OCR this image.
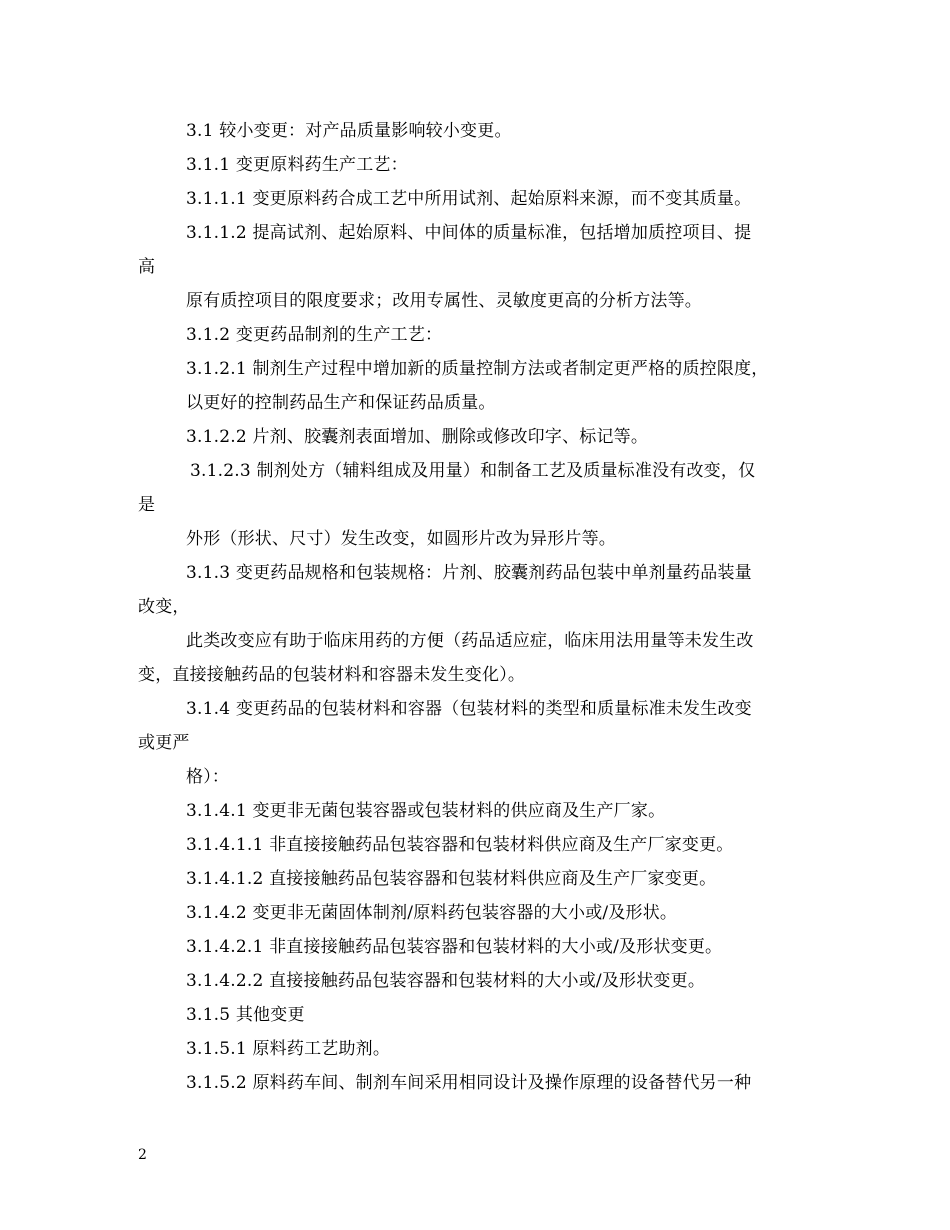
3.1 较小变更：对产品质量影响较小变更。
3.1.1 变更原料药生产工艺：
3.1.1.1 变更原料药合成工艺中所用试剂、起始原料来源，而不变其质量。
3.1.1.2 提高试剂、起始原料、中间体的质量标准，包括增加质控项目、提
高
原有质控项目的限度要求；改用专属性、灵敏度更高的分析方法等。
3.1.2 变更药品制剂的生产工艺：
3.1.2.1 制剂生产过程中增加新的质量控制方法或者制定更严格的质控限度，
以更好的控制药品生产和保证药品质量。
3.1.2.2 片剂、胶囊剂表面增加、删除或修改印字、标记等。
3.1.2.3 制剂处方（辅料组成及用量）和制备工艺及质量标准没有改变，仅
是
外形（形状、尺寸）发生改变，如圆形片改为异形片等。
3.1.3 变更药品规格和包装规格：片剂、胶囊剂药品包装中单剂量药品装量
改变，
此类改变应有助于临床用药的方便（药品适应症，临床用法用量等未发生改
变，直接接触药品的包装材料和容器未发生变化）。
3.1.4 变更药品的包装材料和容器（包装材料的类型和质量标准未发生改变
或更严
格）：
3.1.4.1 变更非无菌包装容器或包装材料的供应商及生产厂家。
3.1.4.1.1 非直接接触药品包装容器和包装材料供应商及生产厂家变更。
3.1.4.1.2 直接接触药品包装容器和包装材料供应商及生产厂家变更。
3.1.4.2 变更非无菌固体制剂/原料药包装容器的大小或/及形状。
3.1.4.2.1 非直接接触药品包装容器和包装材料的大小或/及形状变更。
3.1.4.2.2 直接接触药品包装容器和包装材料的大小或/及形状变更。
3.1.5 其他变更
3.1.5.1 原料药工艺助剂。
3.1.5.2 原料药车间、制剂车间采用相同设计及操作原理的设备替代另一种
2
